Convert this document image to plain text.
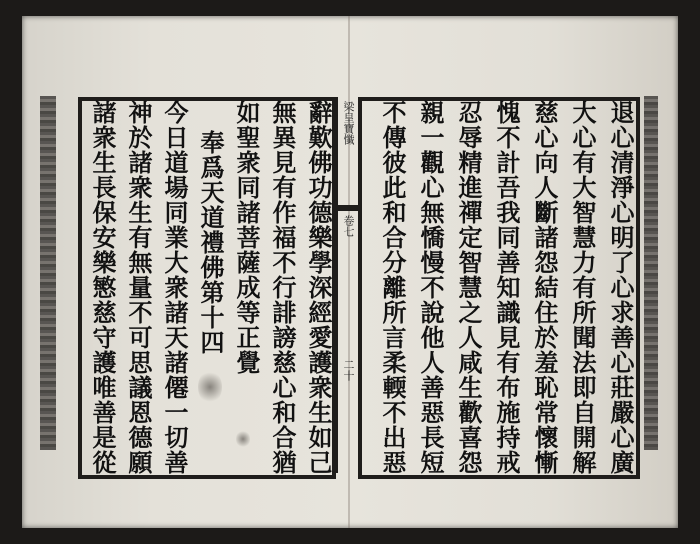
辭歎佛功德樂學深經愛護衆生如己
無異見有作福不行誹謗慈心和合猶
如聖衆同諸菩薩成等正覺
奉爲天道禮佛第十四
今日道場同業大衆諸天諸僊一切善
神於諸衆生有無量不可思議恩德願
諸衆生長保安樂慜慈守護唯善是從	梁皇寶懺
卷七
二十	退心清淨心明了心求善心莊嚴心廣
大心有大智慧力有所聞法即自開解
慈心向人斷諸怨結住於羞恥常懷慚
愧不計吾我同善知識見有布施持戒
忍辱精進禪定智慧之人咸生歡喜怨
親一觀心無憍慢不說他人善惡長短
不傳彼此和合分離所言柔輭不出惡
